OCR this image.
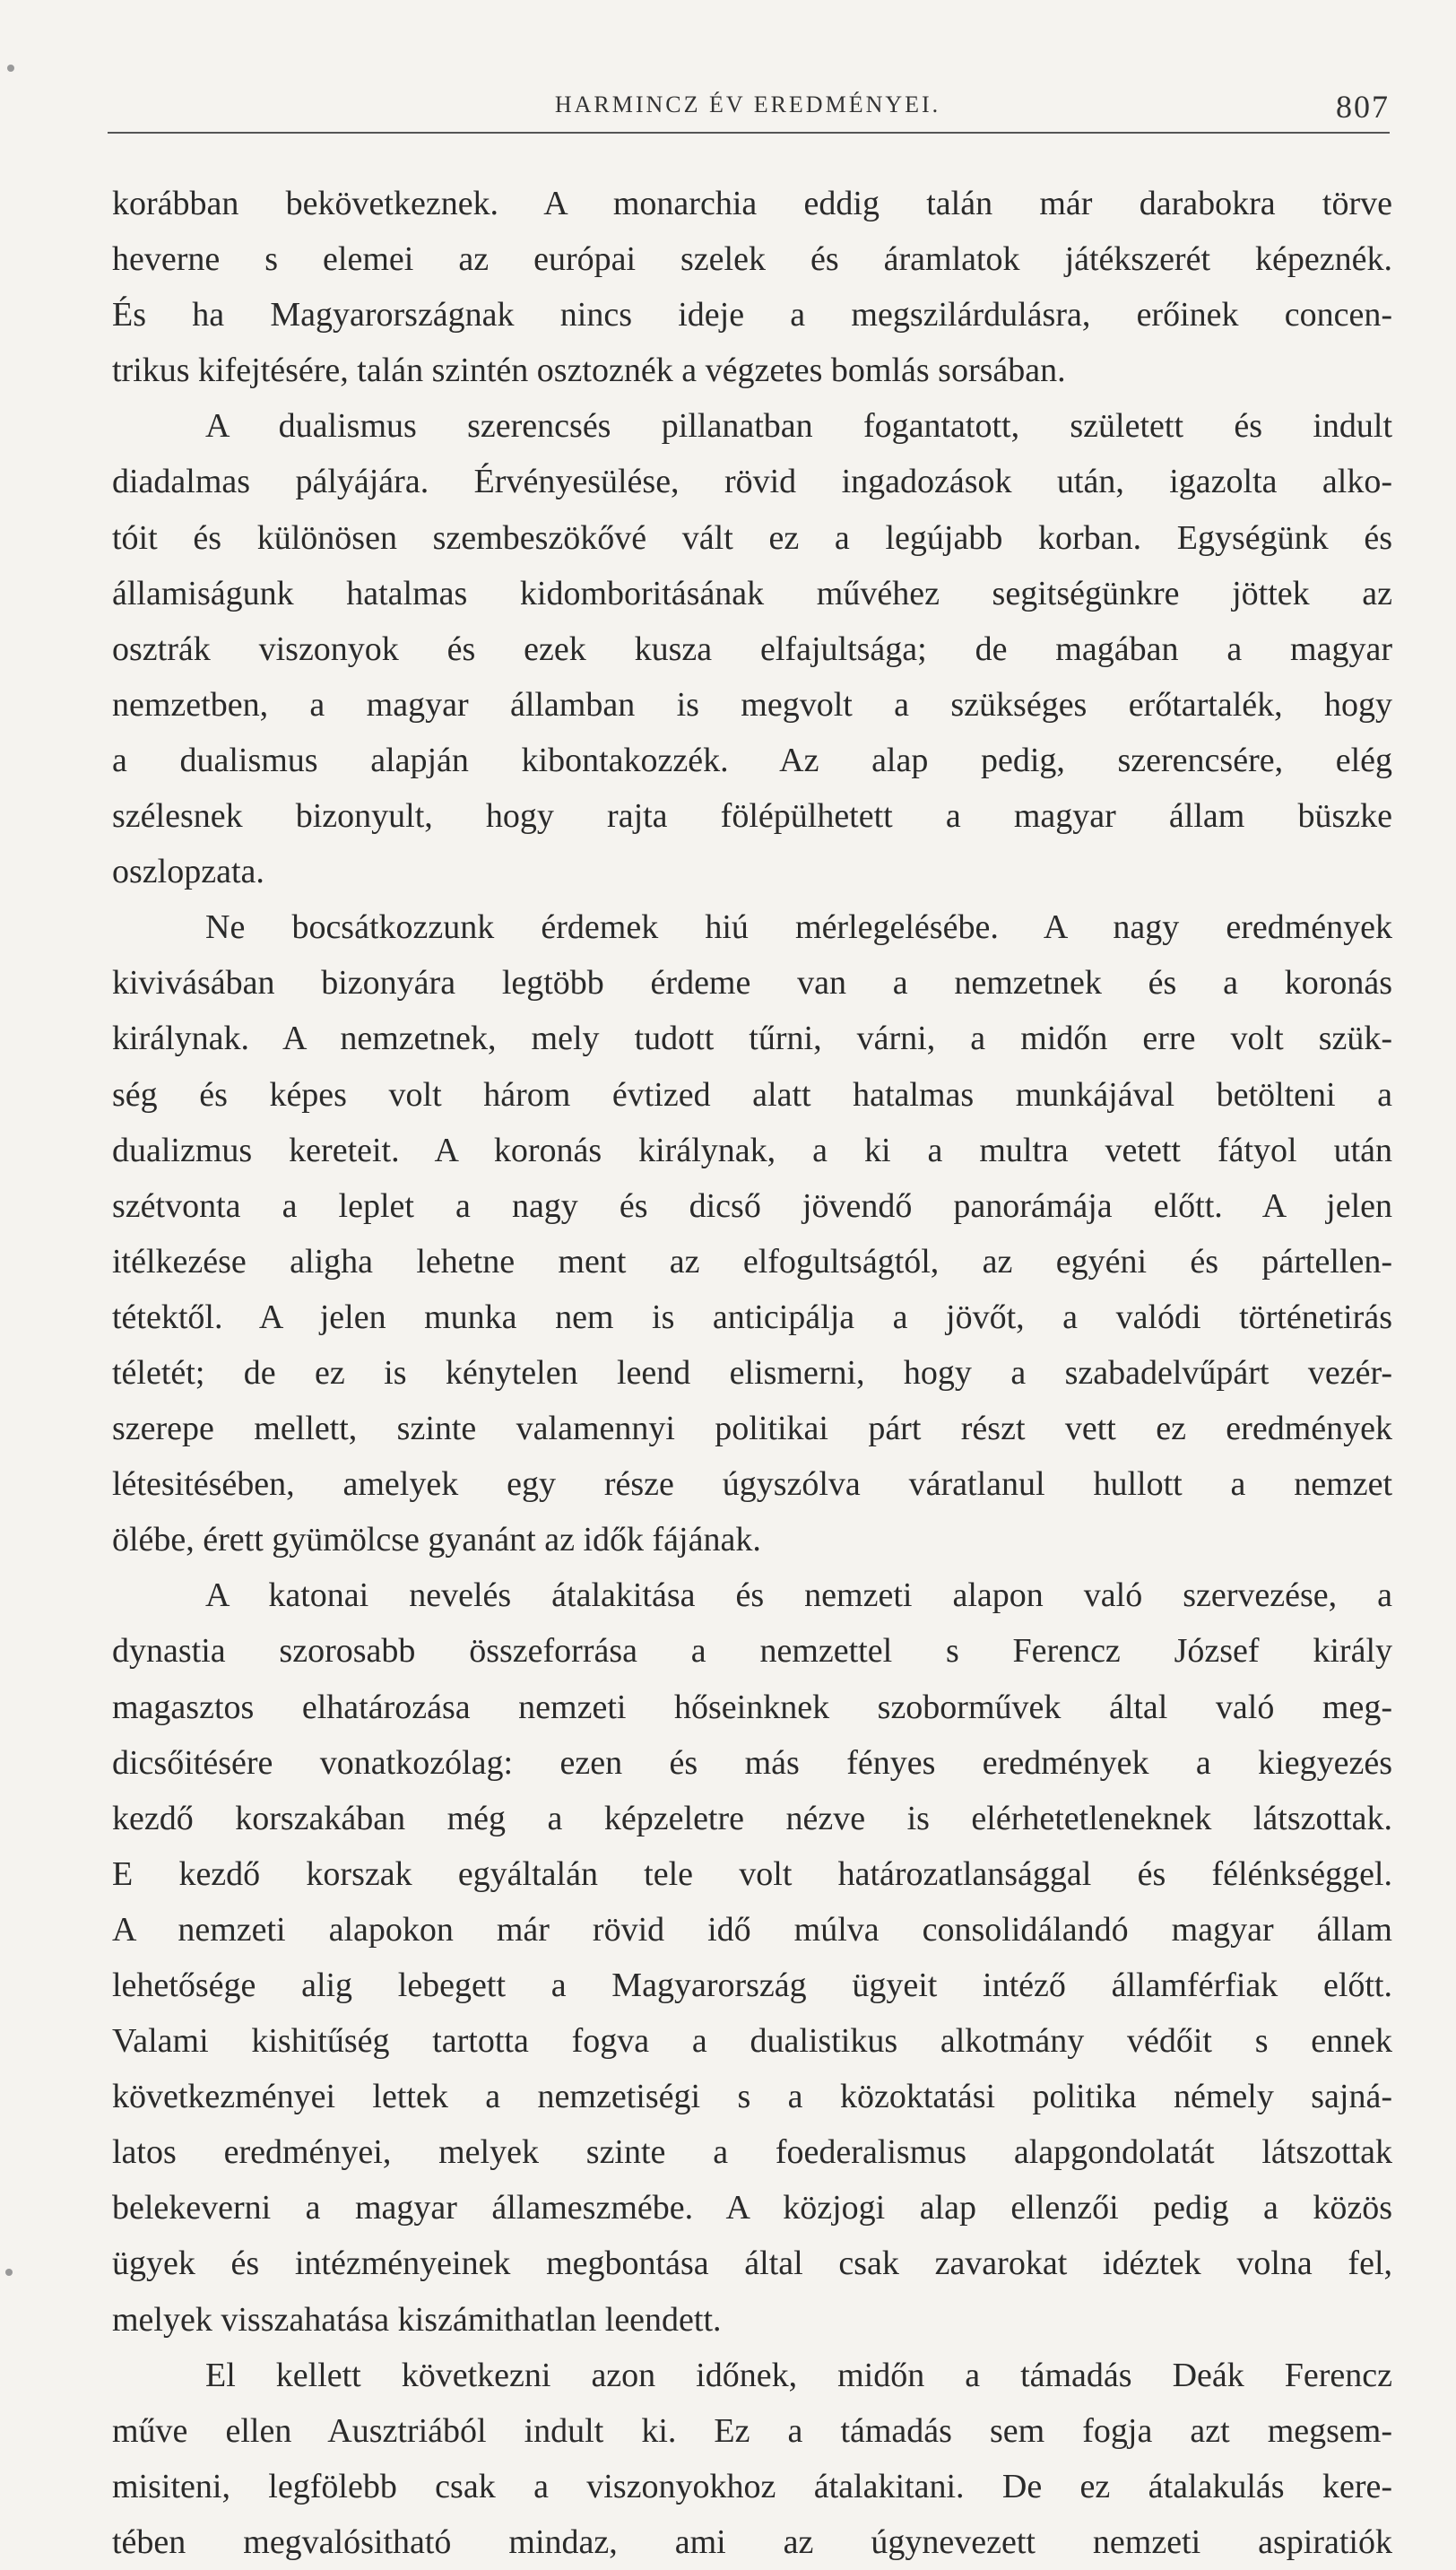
HARMINCZ ÉV EREDMÉNYEI.	807
korábban bekövetkeznek. A monarchia eddig talán már darabokra törve
heverne s elemei az európai szelek és áramlatok játékszerét képeznék.
És ha Magyarországnak nincs ideje a megszilárdulásra, erőinek concen-
trikus kifejtésére, talán szintén osztoznék a végzetes bomlás sorsában.
A dualismus szerencsés pillanatban fogantatott, született és indult
diadalmas pályájára. Érvényesülése, rövid ingadozások után, igazolta alko-
tóit és különösen szembeszökővé vált ez a legújabb korban. Egységünk és
államiságunk hatalmas kidomboritásának művéhez segitségünkre jöttek az
osztrák viszonyok és ezek kusza elfajultsága; de magában a magyar
nemzetben, a magyar államban is megvolt a szükséges erőtartalék, hogy
a dualismus alapján kibontakozzék. Az alap pedig, szerencsére, elég
szélesnek bizonyult, hogy rajta fölépülhetett a magyar állam büszke
oszlopzata.
Ne bocsátkozzunk érdemek hiú mérlegelésébe. A nagy eredmények
kivivásában bizonyára legtöbb érdeme van a nemzetnek és a koronás
királynak. A nemzetnek, mely tudott tűrni, várni, a midőn erre volt szük-
ség és képes volt három évtized alatt hatalmas munkájával betölteni a
dualizmus kereteit. A koronás királynak, a ki a multra vetett fátyol után
szétvonta a leplet a nagy és dicső jövendő panorámája előtt. A jelen
itélkezése aligha lehetne ment az elfogultságtól, az egyéni és pártellen-
tétektől. A jelen munka nem is anticipálja a jövőt, a valódi történetirás
téletét; de ez is kénytelen leend elismerni, hogy a szabadelvűpárt vezér-
szerepe mellett, szinte valamennyi politikai párt részt vett ez eredmények
létesitésében, amelyek egy része úgyszólva váratlanul hullott a nemzet
ölébe, érett gyümölcse gyanánt az idők fájának.
A katonai nevelés átalakitása és nemzeti alapon való szervezése, a
dynastia szorosabb összeforrása a nemzettel s Ferencz József király
magasztos elhatározása nemzeti hőseinknek szoborművek által való meg-
dicsőitésére vonatkozólag: ezen és más fényes eredmények a kiegyezés
kezdő korszakában még a képzeletre nézve is elérhetetleneknek látszottak.
E kezdő korszak egyáltalán tele volt határozatlansággal és félénkséggel.
A nemzeti alapokon már rövid idő múlva consolidálandó magyar állam
lehetősége alig lebegett a Magyarország ügyeit intéző államférfiak előtt.
Valami kishitűség tartotta fogva a dualistikus alkotmány védőit s ennek
következményei lettek a nemzetiségi s a közoktatási politika némely sajná-
latos eredményei, melyek szinte a foederalismus alapgondolatát látszottak
belekeverni a magyar állameszmébe. A közjogi alap ellenzői pedig a közös
ügyek és intézményeinek megbontása által csak zavarokat idéztek volna fel,
melyek visszahatása kiszámithatlan leendett.
El kellett következni azon időnek, midőn a támadás Deák Ferencz
műve ellen Ausztriából indult ki. Ez a támadás sem fogja azt megsem-
misiteni, legfölebb csak a viszonyokhoz átalakitani. De ez átalakulás kere-
tében megvalósitható mindaz, ami az úgynevezett nemzeti aspiratiók
